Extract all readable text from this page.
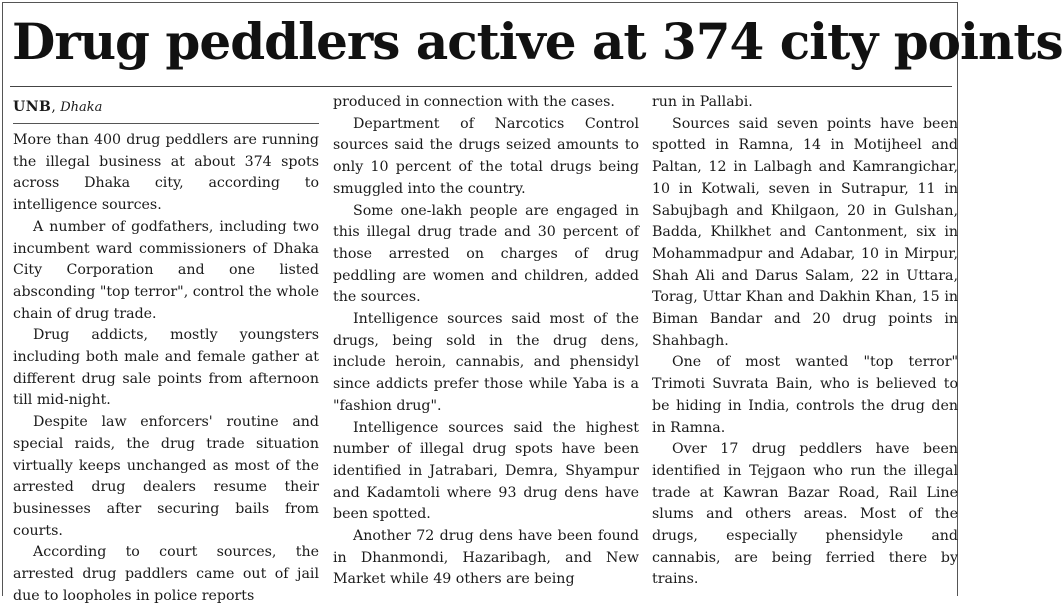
Drug peddlers active at 374 city points
UNB, Dhaka

More than 400 drug peddlers are running the illegal business at about 374 spots across Dhaka city, according to intelligence sources.

A number of godfathers, including two incumbent ward commissioners of Dhaka City Corporation and one listed absconding "top terror", control the whole chain of drug trade.

Drug addicts, mostly youngsters including both male and female gather at different drug sale points from afternoon till mid-night.

Despite law enforcers' routine and special raids, the drug trade situation virtually keeps unchanged as most of the arrested drug dealers resume their businesses after securing bails from courts.

According to court sources, the arrested drug paddlers came out of jail due to loopholes in police reports

produced in connection with the cases.

Department of Narcotics Control sources said the drugs seized amounts to only 10 percent of the total drugs being smuggled into the country.

Some one-lakh people are engaged in this illegal drug trade and 30 percent of those arrested on charges of drug peddling are women and children, added the sources.

Intelligence sources said most of the drugs, being sold in the drug dens, include heroin, cannabis, and phensidyl since addicts prefer those while Yaba is a "fashion drug".

Intelligence sources said the highest number of illegal drug spots have been identified in Jatrabari, Demra, Shyampur and Kadamtoli where 93 drug dens have been spotted.

Another 72 drug dens have been found in Dhanmondi, Hazaribagh, and New Market while 49 others are being

run in Pallabi.

Sources said seven points have been spotted in Ramna, 14 in Motijheel and Paltan, 12 in Lalbagh and Kamrangichar, 10 in Kotwali, seven in Sutrapur, 11 in Sabujbagh and Khilgaon, 20 in Gulshan, Badda, Khilkhet and Cantonment, six in Mohammadpur and Adabar, 10 in Mirpur, Shah Ali and Darus Salam, 22 in Uttara, Torag, Uttar Khan and Dakhin Khan, 15 in Biman Bandar and 20 drug points in Shahbagh.

One of most wanted "top terror" Trimoti Suvrata Bain, who is believed to be hiding in India, controls the drug den in Ramna.

Over 17 drug peddlers have been identified in Tejgaon who run the illegal trade at Kawran Bazar Road, Rail Line slums and others areas. Most of the drugs, especially phensidyle and cannabis, are being ferried there by trains.
